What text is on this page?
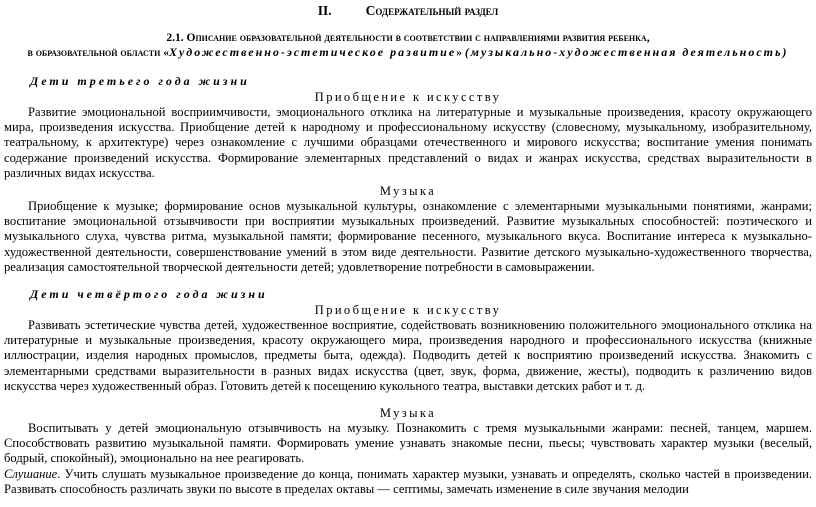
II.	Содержательный раздел
2.1. Описание образовательной деятельности в соответствии с направлениями развития ребенка,
в образовательной области «Художественно-эстетическое развитие» (музыкально-художественная деятельность)
Дети третьего года жизни
Приобщение к искусству

Развитие эмоциональной восприимчивости, эмоционального отклика на литературные и музыкальные произведения, красоту окружающего мира, произведения искусства. Приобщение детей к народному и профессиональному искусству (словесному, музыкальному, изобразительному, театральному, к архитектуре) через ознакомление с лучшими образцами отечественного и мирового искусства; воспитание умения понимать содержание произведений искусства. Формирование элементарных представлений о видах и жанрах искусства, средствах выразительности в различных видах искусства.

Музыка

Приобщение к музыке; формирование основ музыкальной культуры, ознакомление с элементарными музыкальными понятиями, жанрами; воспитание эмоциональной отзывчивости при восприятии музыкальных произведений. Развитие музыкальных способностей: поэтического и музыкального слуха, чувства ритма, музыкальной памяти; формирование песенного, музыкального вкуса. Воспитание интереса к музыкально-художественной деятельности, совершенствование умений в этом виде деятельности. Развитие детского музыкально-художественного творчества, реализация самостоятельной творческой деятельности детей; удовлетворение потребности в самовыражении.

Дети четвёртого года жизни
Приобщение к искусству

Развивать эстетические чувства детей, художественное восприятие, содействовать возникновению положительного эмоционального отклика на литературные и музыкальные произведения, красоту окружающего мира, произведения народного и профессионального искусства (книжные иллюстрации, изделия народных промыслов, предметы быта, одежда). Подводить детей к восприятию произведений искусства. Знакомить с элементарными средствами выразительности в разных видах искусства (цвет, звук, форма, движение, жесты), подводить к различению видов искусства через художественный образ. Готовить детей к посещению кукольного театра, выставки детских работ и т. д.

Музыка

Воспитывать у детей эмоциональную отзывчивость на музыку. Познакомить с тремя музыкальными жанрами: песней, танцем, маршем. Способствовать развитию музыкальной памяти. Формировать умение узнавать знакомые песни, пьесы; чувствовать характер музыки (веселый, бодрый, спокойный), эмоционально на нее реагировать.

Слушание. Учить слушать музыкальное произведение до конца, понимать характер музыки, узнавать и определять, сколько частей в произведении. Развивать способность различать звуки по высоте в пределах октавы — септимы, замечать изменение в силе звучания мелодии
